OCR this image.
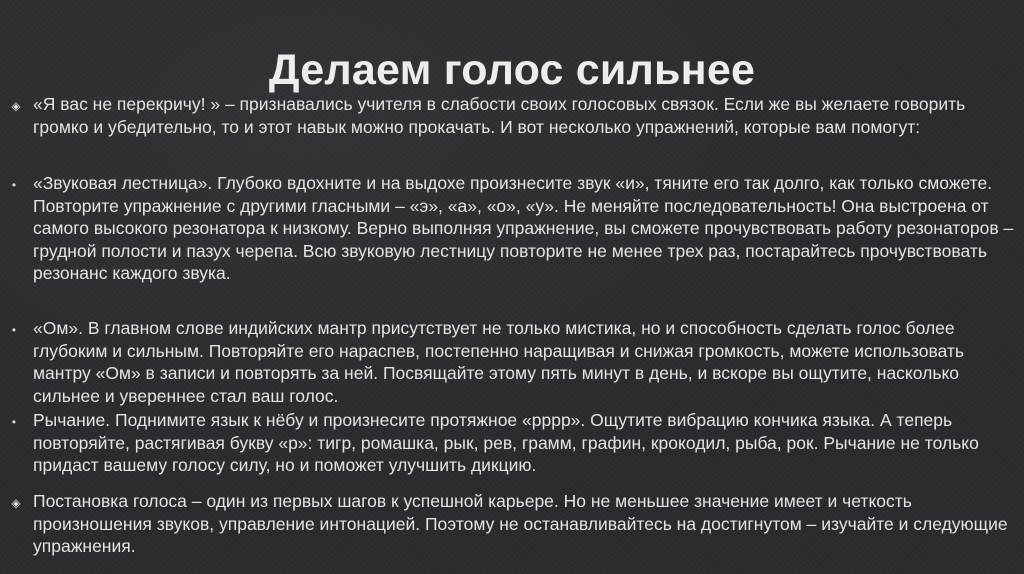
Делаем голос сильнее
◈ «Я вас не перекричу! » – признавались учителя в слабости своих голосовых связок. Если же вы желаете говорить громко и убедительно, то и этот навык можно прокачать. И вот несколько упражнений, которые вам помогут:
• «Звуковая лестница». Глубоко вдохните и на выдохе произнесите звук «и», тяните его так долго, как только сможете. Повторите упражнение с другими гласными – «э», «а», «о», «у». Не меняйте последовательность! Она выстроена от самого высокого резонатора к низкому. Верно выполняя упражнение, вы сможете прочувствовать работу резонаторов – грудной полости и пазух черепа. Всю звуковую лестницу повторите не менее трех раз, постарайтесь прочувствовать резонанс каждого звука.
• «Ом». В главном слове индийских мантр присутствует не только мистика, но и способность сделать голос более глубоким и сильным. Повторяйте его нараспев, постепенно наращивая и снижая громкость, можете использовать мантру «Ом» в записи и повторять за ней. Посвящайте этому пять минут в день, и вскоре вы ощутите, насколько сильнее и увереннее стал ваш голос.
• Рычание. Поднимите язык к нёбу и произнесите протяжное «рррр». Ощутите вибрацию кончика языка. А теперь повторяйте, растягивая букву «р»: тигр, ромашка, рык, рев, грамм, графин, крокодил, рыба, рок. Рычание не только придаст вашему голосу силу, но и поможет улучшить дикцию.
◈ Постановка голоса – один из первых шагов к успешной карьере. Но не меньшее значение имеет и четкость произношения звуков, управление интонацией. Поэтому не останавливайтесь на достигнутом – изучайте и следующие упражнения.
